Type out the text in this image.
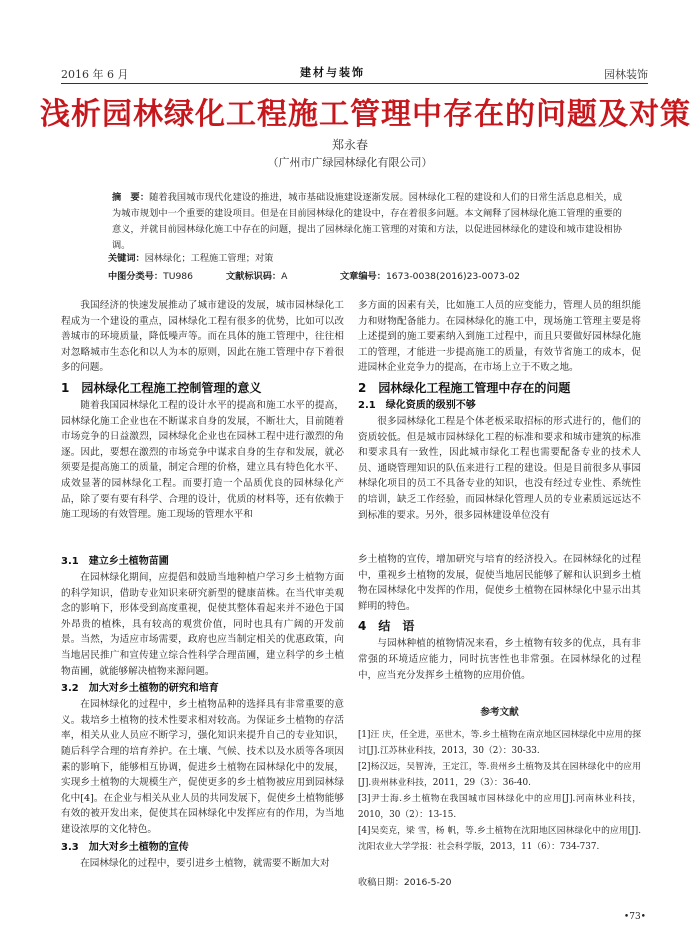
2016 年 6 月	建材与装饰	园林装饰
浅析园林绿化工程施工管理中存在的问题及对策
郑永春
（广州市广绿园林绿化有限公司）
摘　要：随着我国城市现代化建设的推进，城市基础设施建设逐渐发展。园林绿化工程的建设和人们的日常生活息息相关，成为城市规划中一个重要的建设项目。但是在目前园林绿化的建设中，存在着很多问题。本文阐释了园林绿化施工管理的重要的意义，并就目前园林绿化施工中存在的问题，提出了园林绿化施工管理的对策和方法，以促进园林绿化的建设和城市建设相协调。
关键词：园林绿化；工程施工管理；对策
中图分类号：TU986	文献标识码：A	文章编号：1673-0038(2016)23-0073-02

我国经济的快速发展推动了城市建设的发展，城市园林绿化工程成为一个建设的重点，园林绿化工程有很多的优势，比如可以改善城市的环境质量，降低噪声等。而在具体的施工管理中，往往相对忽略城市生态化和以人为本的原则，因此在施工管理中存下着很多的问题。

1　园林绿化工程施工控制管理的意义

随着我国园林绿化工程的设计水平的提高和施工水平的提高，园林绿化施工企业也在不断谋求自身的发展，不断壮大，目前随着市场竞争的日益激烈，园林绿化企业也在园林工程中进行激烈的角逐。因此，要想在激烈的市场竞争中谋求自身的生存和发展，就必须要是提高施工的质量，制定合理的价格，建立具有特色化水平、成效显著的园林绿化工程。而要打造一个品质优良的园林绿化产品，除了要有要有科学、合理的设计，优质的材料等，还有依赖于施工现场的有效管理。施工现场的管理水平和

多方面的因素有关，比如施工人员的应变能力，管理人员的组织能力和财物配备能力。在园林绿化的施工中，现场施工管理主要是将上述提到的施工要素纳入到施工过程中，而且只要做好园林绿化施工的管理，才能进一步提高施工的质量，有效节省施工的成本，促进园林企业竞争力的提高，在市场上立于不败之地。

2　园林绿化工程施工管理中存在的问题
2.1　绿化资质的级别不够

很多园林绿化工程是个体老板采取招标的形式进行的，他们的资质较低。但是城市园林绿化工程的标准和要求和城市建筑的标准和要求具有一致性，因此城市绿化工程也需要配备专业的技术人员、通晓管理知识的队伍来进行工程的建设。但是目前很多从事园林绿化项目的员工不具备专业的知识，也没有经过专业性、系统性的培训，缺乏工作经验，而园林绿化管理人员的专业素质远远达不到标准的要求。另外，很多园林建设单位没有

3.1　建立乡土植物苗圃

在园林绿化期间，应提倡和鼓励当地种植户学习乡土植物方面的科学知识，借助专业知识来研究新型的健康苗株。在当代审美观念的影响下，形体受到高度重视，促使其整体看起来并不逊色于国外昂贵的植株，具有较高的观赏价值，同时也具有广阔的开发前景。当然，为适应市场需要，政府也应当制定相关的优惠政策，向当地居民推广和宣传建立综合性科学合理苗圃，建立科学的乡土植物苗圃，就能够解决植物来源问题。

3.2　加大对乡土植物的研究和培育

在园林绿化的过程中，乡土植物品种的选择具有非常重要的意义。栽培乡土植物的技术性要求相对较高。为保证乡土植物的存活率，相关从业人员应不断学习，强化知识来提升自己的专业知识，随后科学合理的培育养护。在土壤、气候、技术以及水质等各项因素的影响下，能够相互协调，促进乡土植物在园林绿化中的发展，实现乡土植物的大规模生产，促使更多的乡土植物被应用到园林绿化中[4]。在企业与相关从业人员的共同发展下，促使乡土植物能够有效的被开发出来，促使其在园林绿化中发挥应有的作用，为当地建设浓厚的文化特色。

3.3　加大对乡土植物的宣传

在园林绿化的过程中，要引进乡土植物，就需要不断加大对

乡土植物的宣传，增加研究与培育的经济投入。在园林绿化的过程中，重视乡土植物的发展，促使当地居民能够了解和认识到乡土植物在园林绿化中发挥的作用，促使乡土植物在园林绿化中显示出其鲜明的特色。

4　结　语

与园林种植的植物情况来看，乡土植物有较多的优点，具有非常强的环境适应能力，同时抗害性也非常强。在园林绿化的过程中，应当充分发挥乡土植物的应用价值。

参考文献
[1]汪 庆，任全进，巫世木，等.乡土植物在南京地区园林绿化中应用的探讨[J].江苏林业科技，2013，30（2）：30-33.
[2]杨汉远，吴智涛，王定江，等.贵州乡土植物及其在园林绿化中的应用[J].贵州林业科技，2011，29（3）：36-40.
[3]尹士海.乡土植物在我国城市园林绿化中的应用[J].河南林业科技，2010，30（2）：13-15.
[4]吴奕克，梁 雪，杨 帆，等.乡土植物在沈阳地区园林绿化中的应用[J].沈阳农业大学学报：社会科学版，2013，11（6）：734-737.
收稿日期：2016-5-20
•73•
